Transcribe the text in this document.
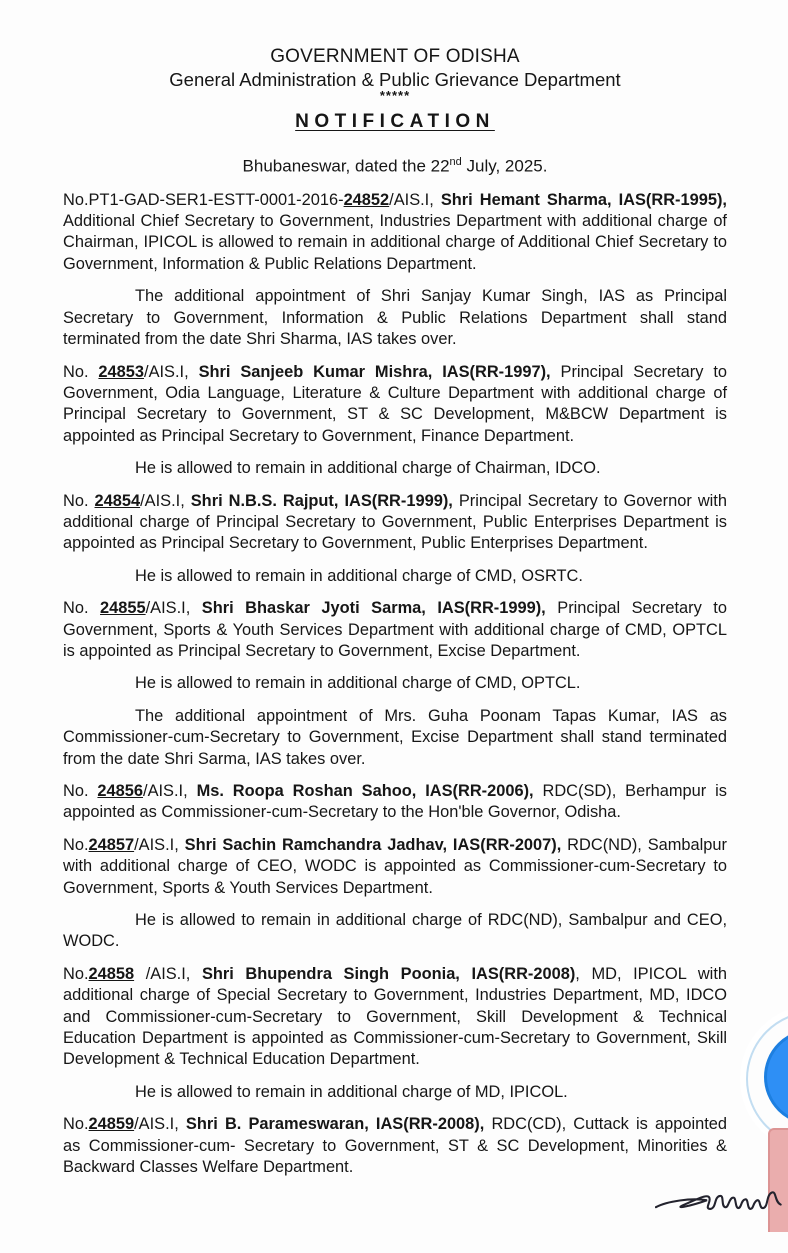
GOVERNMENT OF ODISHA
General Administration & Public Grievance Department
*****
NOTIFICATION
Bhubaneswar, dated the 22nd July, 2025.

No.PT1-GAD-SER1-ESTT-0001-2016-24852/AIS.I, Shri Hemant Sharma, IAS(RR-1995), Additional Chief Secretary to Government, Industries Department with additional charge of Chairman, IPICOL is allowed to remain in additional charge of Additional Chief Secretary to Government, Information & Public Relations Department.

The additional appointment of Shri Sanjay Kumar Singh, IAS as Principal Secretary to Government, Information & Public Relations Department shall stand terminated from the date Shri Sharma, IAS takes over.

No. 24853/AIS.I, Shri Sanjeeb Kumar Mishra, IAS(RR-1997), Principal Secretary to Government, Odia Language, Literature & Culture Department with additional charge of Principal Secretary to Government, ST & SC Development, M&BCW Department is appointed as Principal Secretary to Government, Finance Department.

He is allowed to remain in additional charge of Chairman, IDCO.

No. 24854/AIS.I, Shri N.B.S. Rajput, IAS(RR-1999), Principal Secretary to Governor with additional charge of Principal Secretary to Government, Public Enterprises Department is appointed as Principal Secretary to Government, Public Enterprises Department.

He is allowed to remain in additional charge of CMD, OSRTC.

No. 24855/AIS.I, Shri Bhaskar Jyoti Sarma, IAS(RR-1999), Principal Secretary to Government, Sports & Youth Services Department with additional charge of CMD, OPTCL is appointed as Principal Secretary to Government, Excise Department.

He is allowed to remain in additional charge of CMD, OPTCL.

The additional appointment of Mrs. Guha Poonam Tapas Kumar, IAS as Commissioner-cum-Secretary to Government, Excise Department shall stand terminated from the date Shri Sarma, IAS takes over.

No. 24856/AIS.I, Ms. Roopa Roshan Sahoo, IAS(RR-2006), RDC(SD), Berhampur is appointed as Commissioner-cum-Secretary to the Hon'ble Governor, Odisha.

No.24857/AIS.I, Shri Sachin Ramchandra Jadhav, IAS(RR-2007), RDC(ND), Sambalpur with additional charge of CEO, WODC is appointed as Commissioner-cum-Secretary to Government, Sports & Youth Services Department.

He is allowed to remain in additional charge of RDC(ND), Sambalpur and CEO, WODC.

No.24858 /AIS.I, Shri Bhupendra Singh Poonia, IAS(RR-2008), MD, IPICOL with additional charge of Special Secretary to Government, Industries Department, MD, IDCO and Commissioner-cum-Secretary to Government, Skill Development & Technical Education Department is appointed as Commissioner-cum-Secretary to Government, Skill Development & Technical Education Department.

He is allowed to remain in additional charge of MD, IPICOL.

No.24859/AIS.I, Shri B. Parameswaran, IAS(RR-2008), RDC(CD), Cuttack is appointed as Commissioner-cum- Secretary to Government, ST & SC Development, Minorities & Backward Classes Welfare Department.
